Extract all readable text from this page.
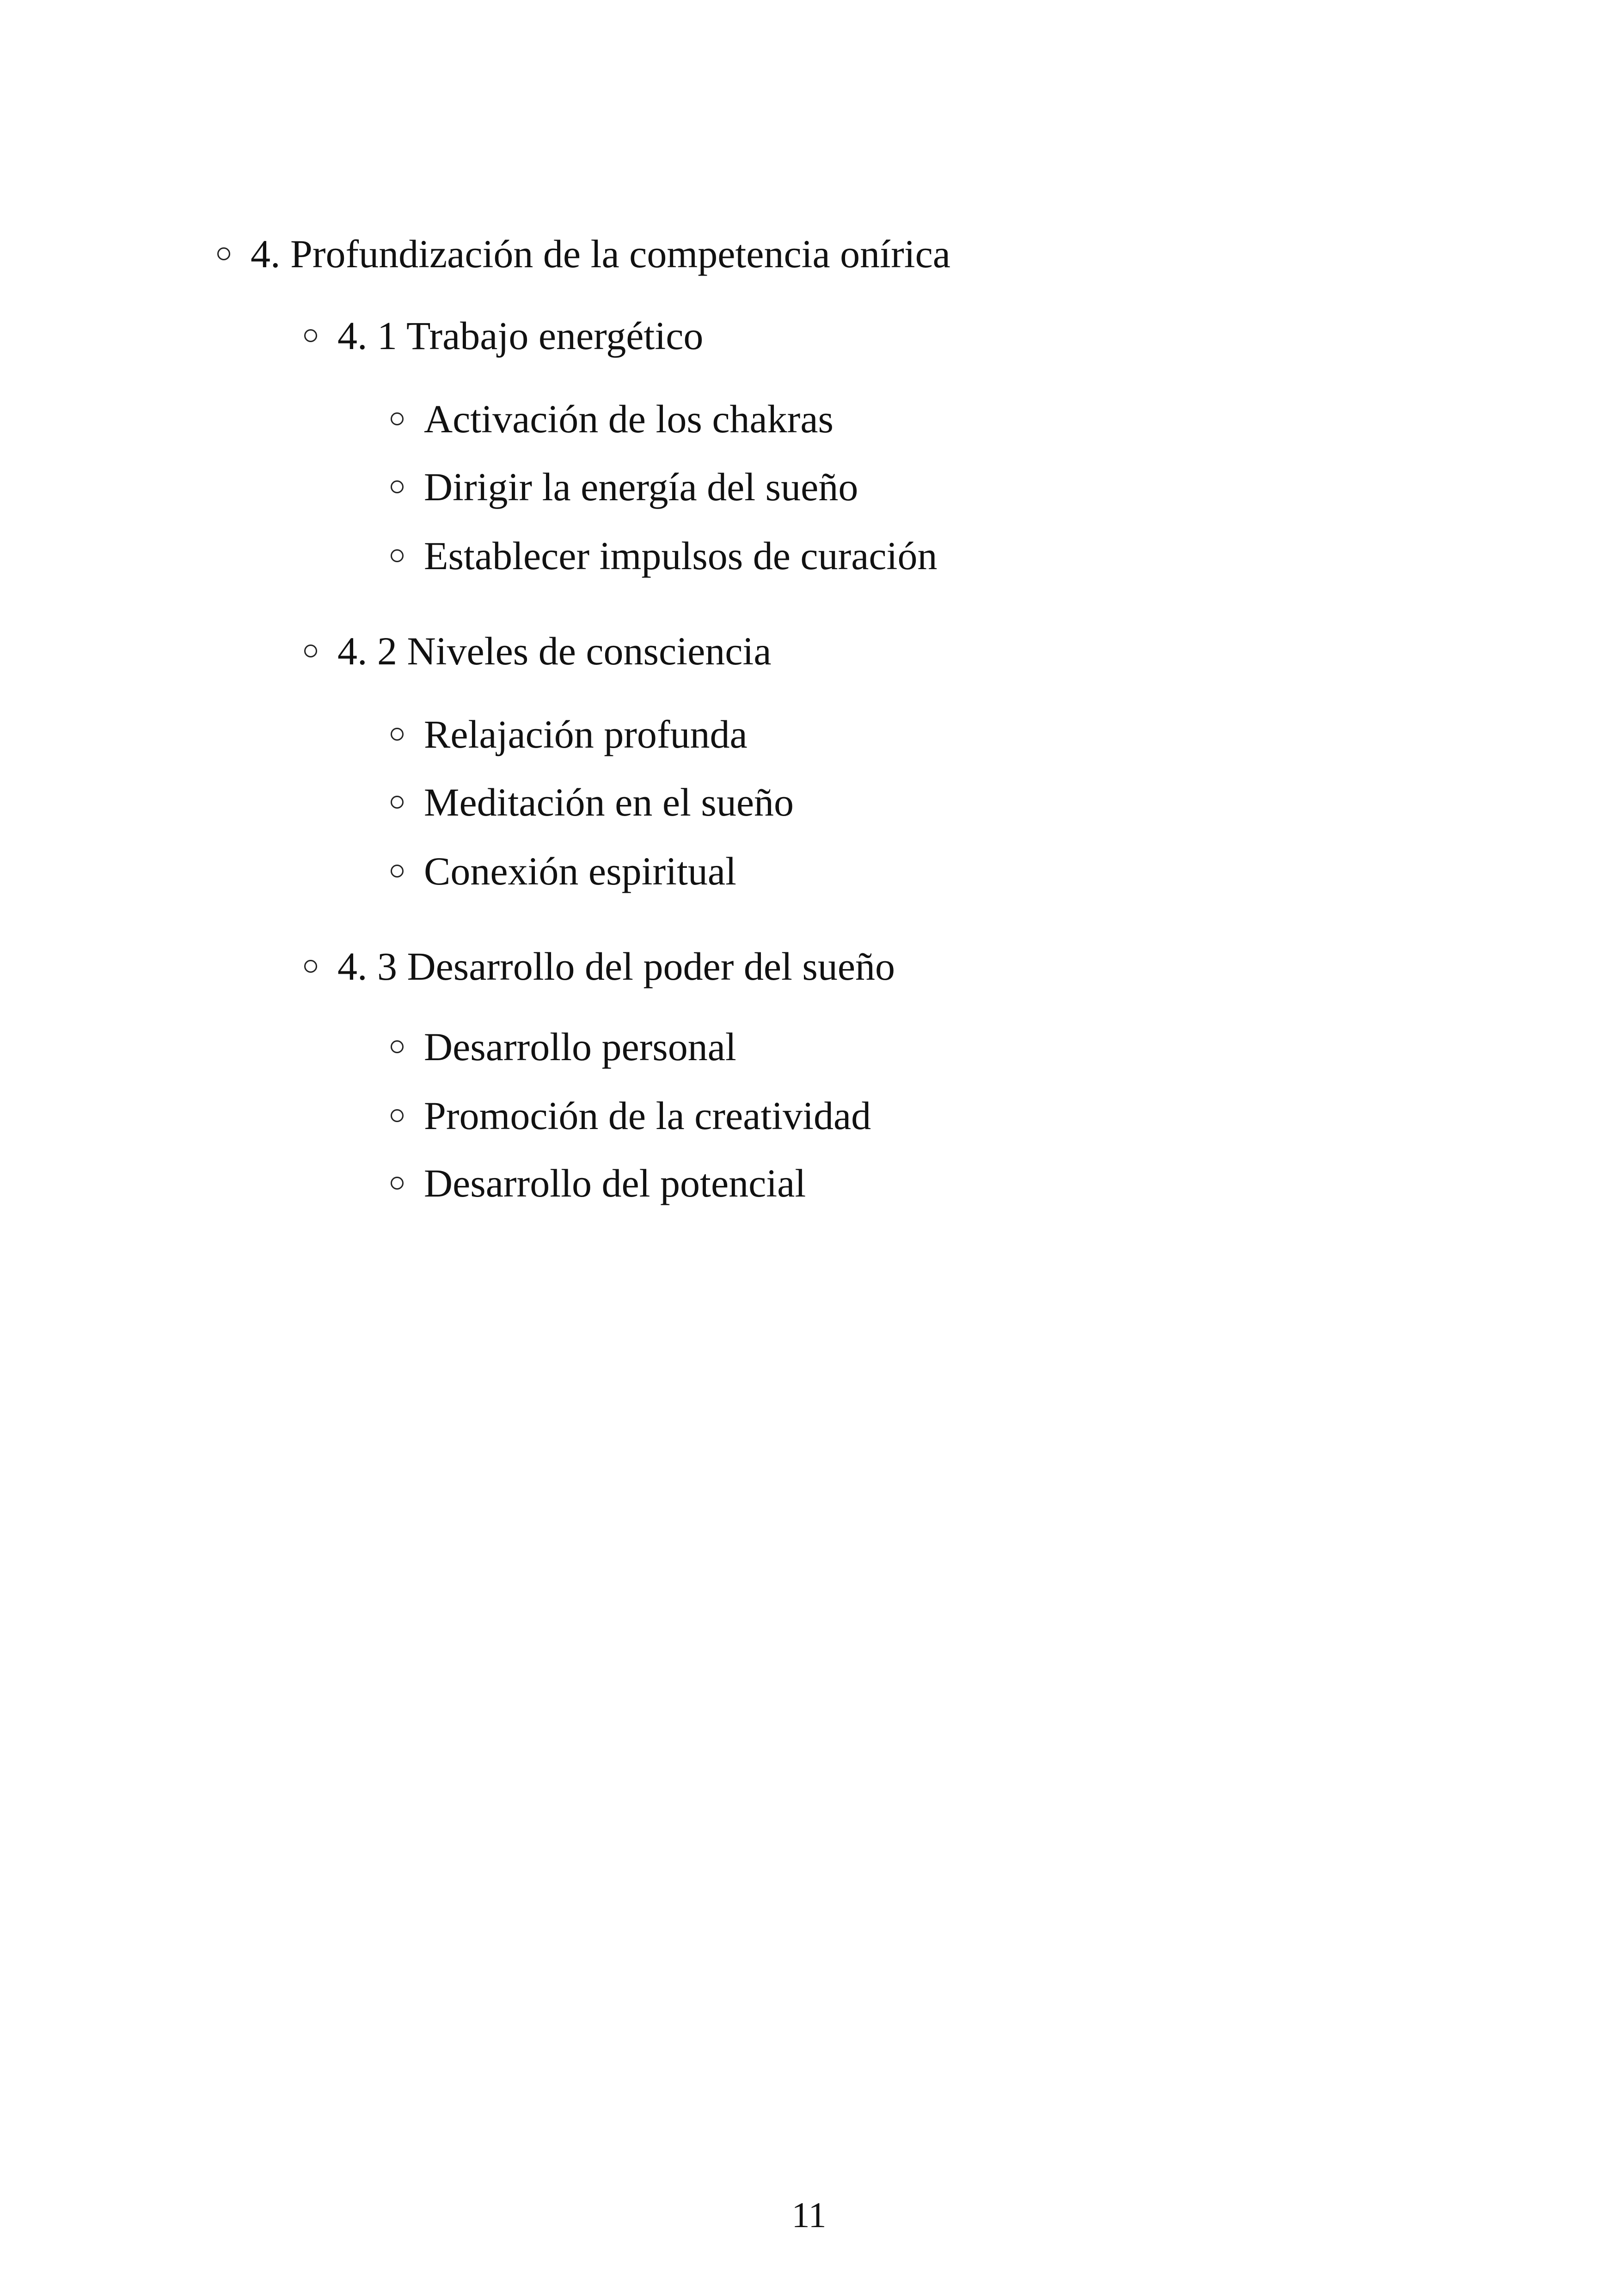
4. Profundización de la competencia onírica
4. 1 Trabajo energético
Activación de los chakras
Dirigir la energía del sueño
Establecer impulsos de curación
4. 2 Niveles de consciencia
Relajación profunda
Meditación en el sueño
Conexión espiritual
4. 3 Desarrollo del poder del sueño
Desarrollo personal
Promoción de la creatividad
Desarrollo del potencial
11
